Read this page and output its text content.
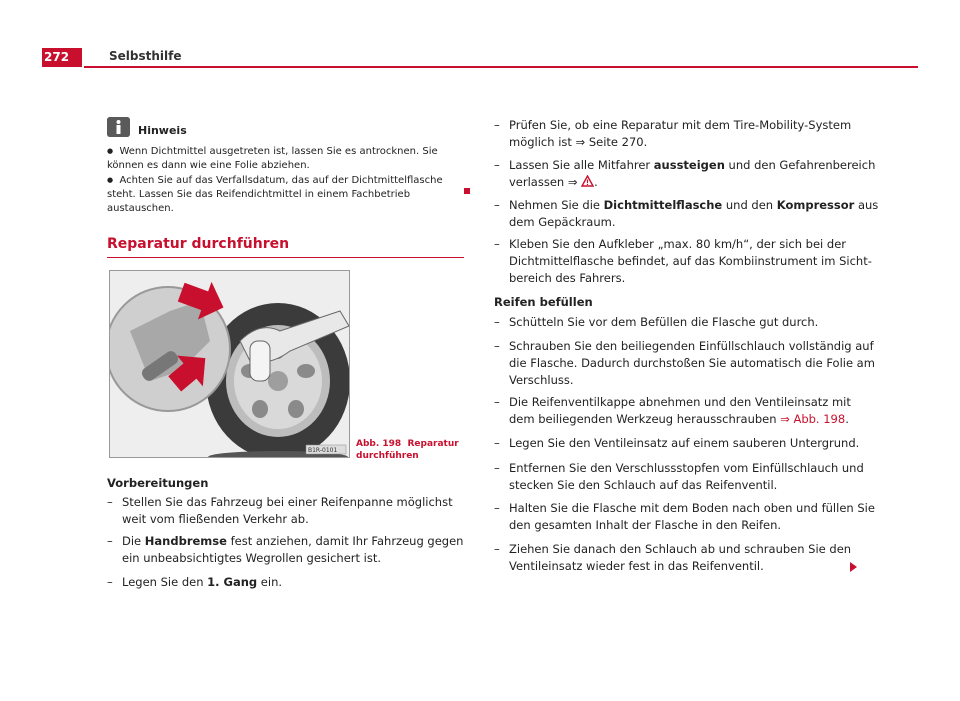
272	Selbsthilfe
Hinweis
● Wenn Dichtmittel ausgetreten ist, lassen Sie es antrocknen. Sie können es dann wie eine Folie abziehen.
● Achten Sie auf das Verfallsdatum, das auf der Dichtmittelflasche steht. Lassen Sie das Reifendichtmittel in einem Fachbetrieb austauschen.
Reparatur durchführen
B1R-0101
Abb. 198 Reparatur durchführen
Vorbereitungen
– Stellen Sie das Fahrzeug bei einer Reifenpanne möglichst weit vom fließenden Verkehr ab.
– Die Handbremse fest anziehen, damit Ihr Fahrzeug gegen ein unbeabsichtigtes Wegrollen gesichert ist.
– Legen Sie den 1. Gang ein.
– Prüfen Sie, ob eine Reparatur mit dem Tire-Mobility-System
möglich ist ⇒ Seite 270.
– Lassen Sie alle Mitfahrer aussteigen und den Gefahrenbereich
verlassen ⇒ .
– Nehmen Sie die Dichtmittelflasche und den Kompressor aus
dem Gepäckraum.
– Kleben Sie den Aufkleber „max. 80 km/h“, der sich bei der
Dichtmittelflasche befindet, auf das Kombiinstrument im Sicht-
bereich des Fahrers.
Reifen befüllen
– Schütteln Sie vor dem Befüllen die Flasche gut durch.
– Schrauben Sie den beiliegenden Einfüllschlauch vollständig auf
die Flasche. Dadurch durchstoßen Sie automatisch die Folie am
Verschluss.
– Die Reifenventilkappe abnehmen und den Ventileinsatz mit
dem beiliegenden Werkzeug herausschrauben ⇒ Abb. 198.
– Legen Sie den Ventileinsatz auf einem sauberen Untergrund.
– Entfernen Sie den Verschlussstopfen vom Einfüllschlauch und
stecken Sie den Schlauch auf das Reifenventil.
– Halten Sie die Flasche mit dem Boden nach oben und füllen Sie
den gesamten Inhalt der Flasche in den Reifen.
– Ziehen Sie danach den Schlauch ab und schrauben Sie den
Ventileinsatz wieder fest in das Reifenventil.
